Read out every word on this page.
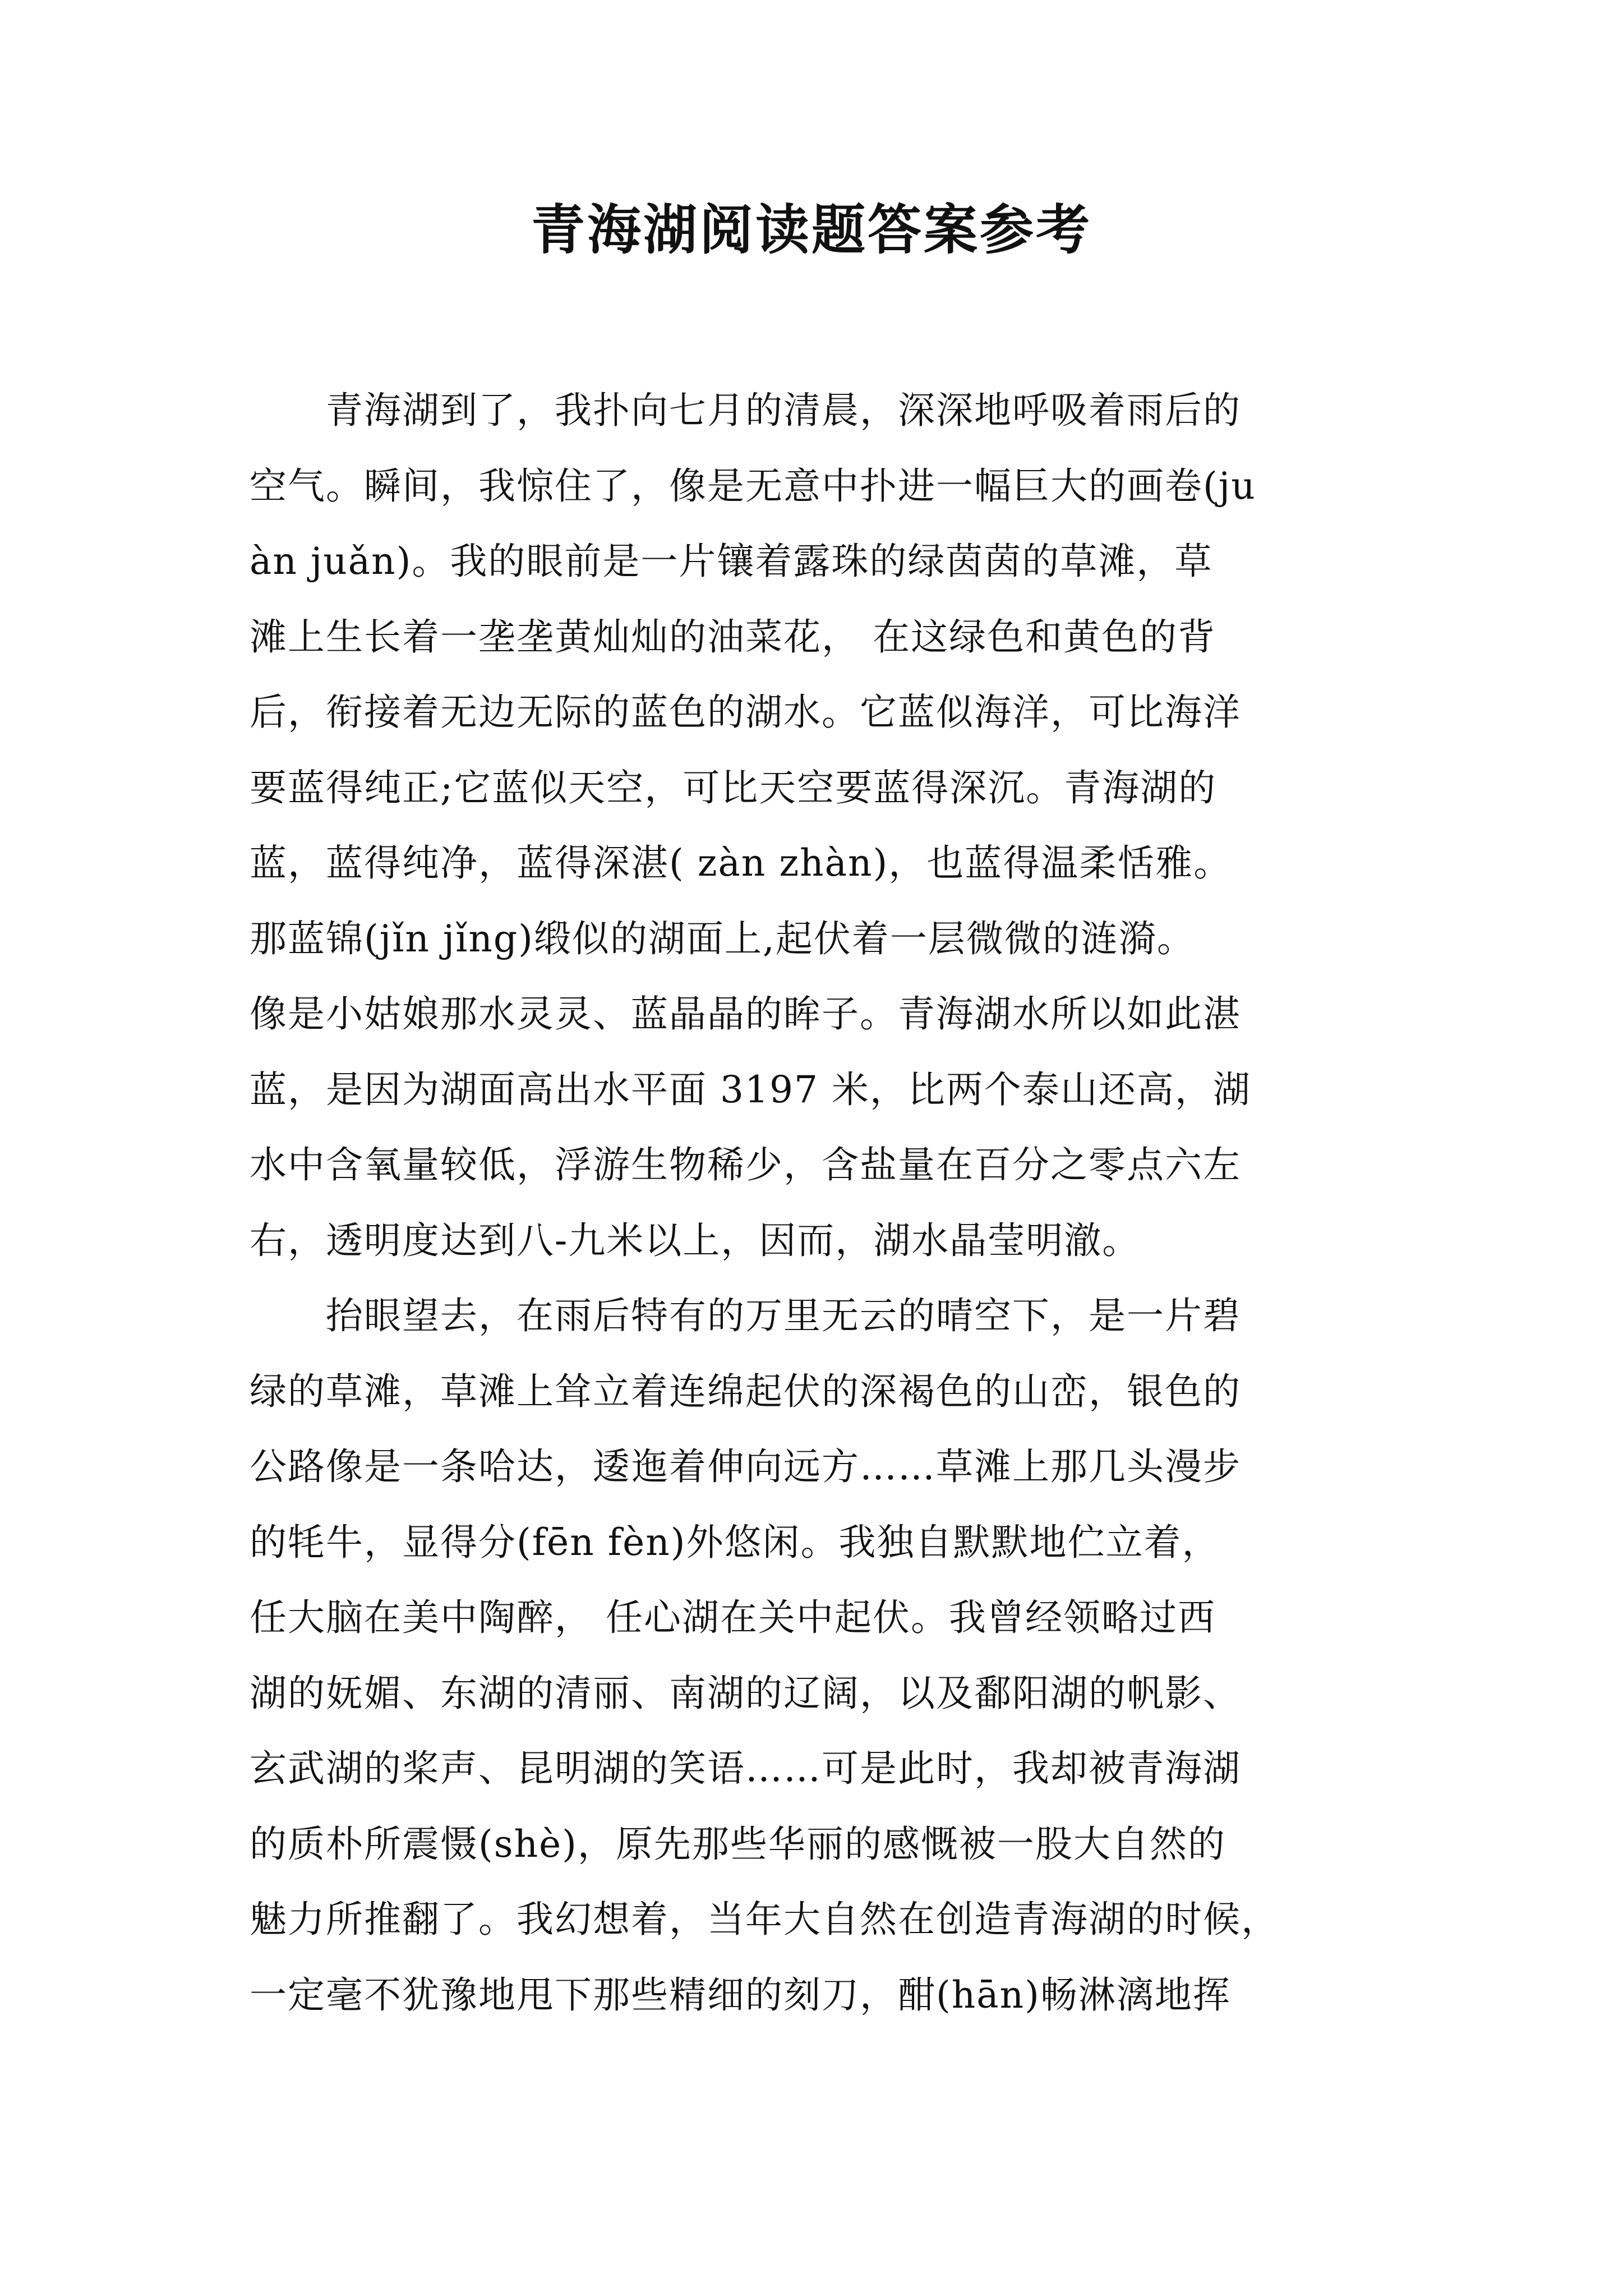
青海湖阅读题答案参考
　　青海湖到了，我扑向七月的清晨，深深地呼吸着雨后的
空气。瞬间，我惊住了，像是无意中扑进一幅巨大的画卷(ju
àn juǎn)。我的眼前是一片镶着露珠的绿茵茵的草滩，草
滩上生长着一垄垄黄灿灿的油菜花， 在这绿色和黄色的背
后，衔接着无边无际的蓝色的湖水。它蓝似海洋，可比海洋
要蓝得纯正;它蓝似天空，可比天空要蓝得深沉。青海湖的
蓝，蓝得纯净，蓝得深湛( zàn zhàn)，也蓝得温柔恬雅。
那蓝锦(jǐn jǐng)缎似的湖面上,起伏着一层微微的涟漪。
像是小姑娘那水灵灵、蓝晶晶的眸子。青海湖水所以如此湛
蓝，是因为湖面高出水平面 3197 米，比两个泰山还高，湖
水中含氧量较低，浮游生物稀少，含盐量在百分之零点六左
右，透明度达到八-九米以上，因而，湖水晶莹明澈。
　　抬眼望去，在雨后特有的万里无云的晴空下，是一片碧
绿的草滩，草滩上耸立着连绵起伏的深褐色的山峦，银色的
公路像是一条哈达，逶迤着伸向远方……草滩上那几头漫步
的牦牛，显得分(fēn fèn)外悠闲。我独自默默地伫立着，
任大脑在美中陶醉， 任心湖在关中起伏。我曾经领略过西
湖的妩媚、东湖的清丽、南湖的辽阔，以及鄱阳湖的帆影、
玄武湖的桨声、昆明湖的笑语……可是此时，我却被青海湖
的质朴所震慑(shè)，原先那些华丽的感慨被一股大自然的
魅力所推翻了。我幻想着，当年大自然在创造青海湖的时候，
一定毫不犹豫地甩下那些精细的刻刀，酣(hān)畅淋漓地挥
